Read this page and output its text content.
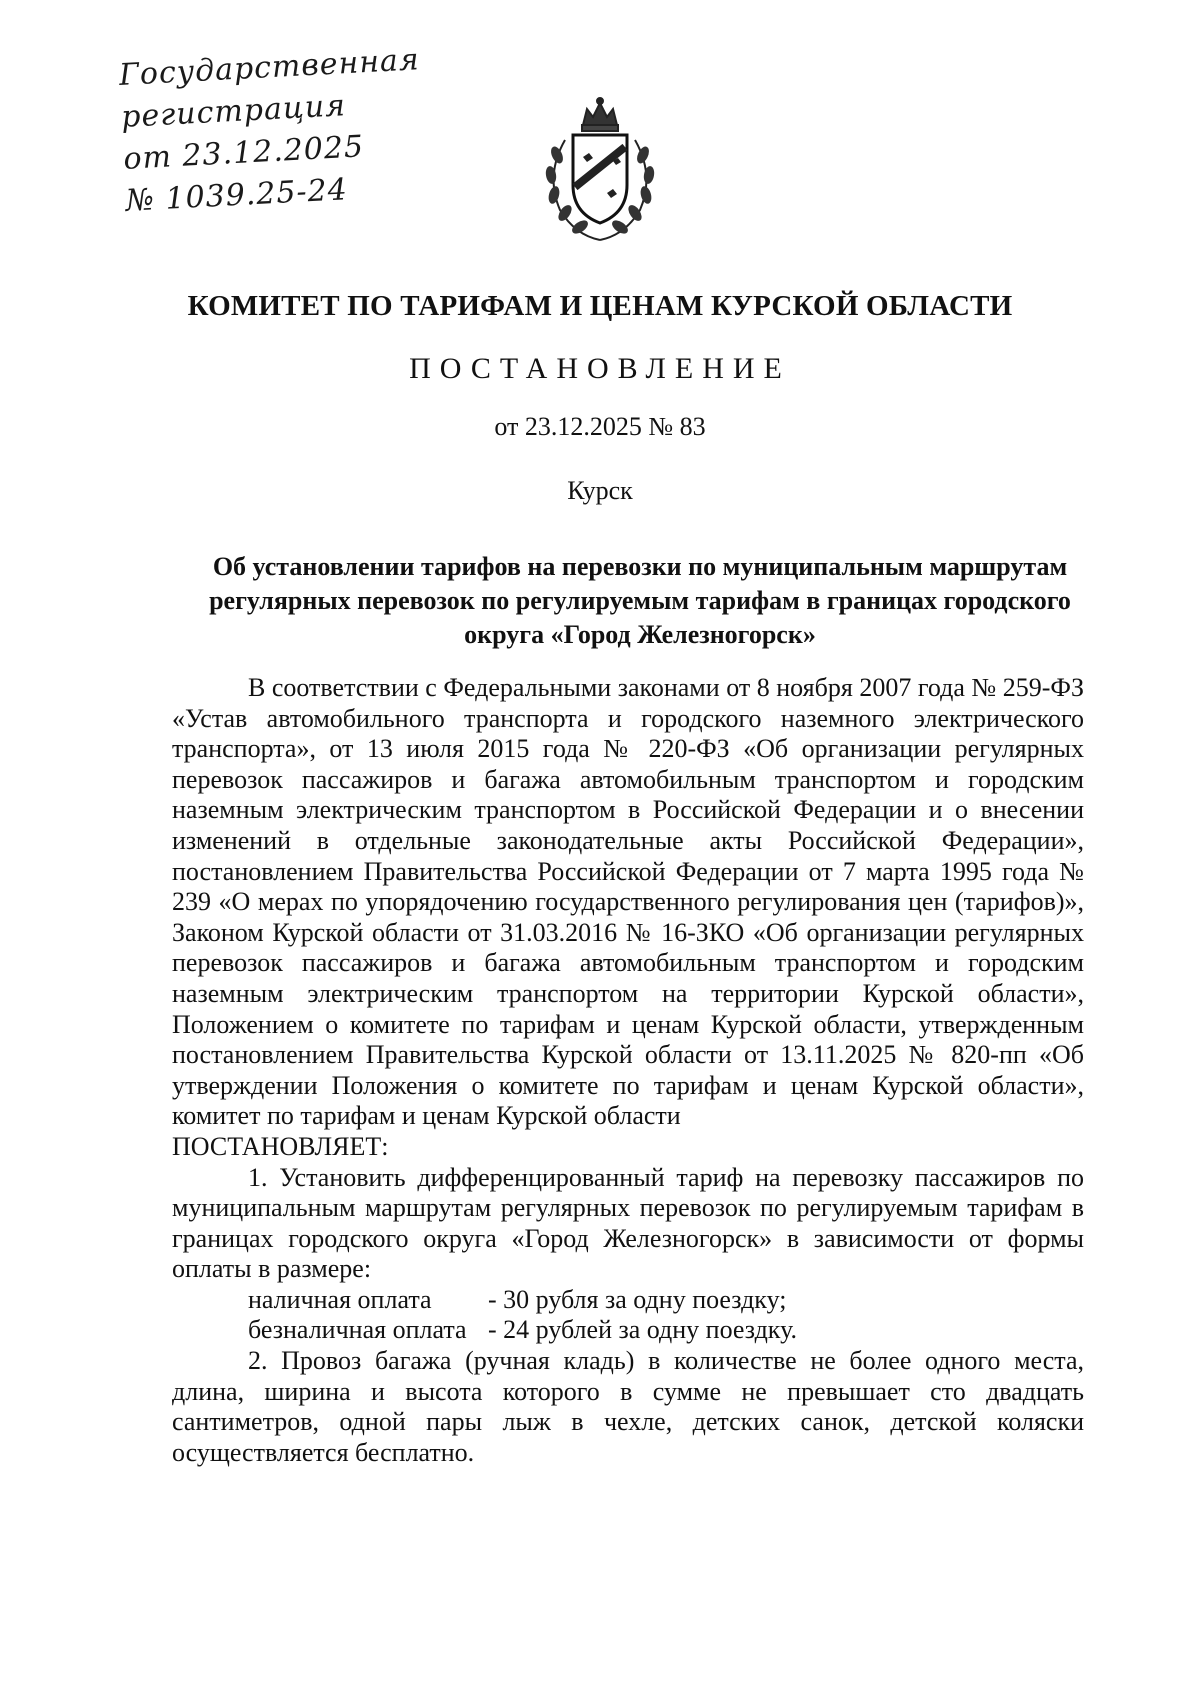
Государственная
регистрация
от 23.12.2025
№ 1039.25-24
КОМИТЕТ ПО ТАРИФАМ И ЦЕНАМ КУРСКОЙ ОБЛАСТИ
ПОСТАНОВЛЕНИЕ
от 23.12.2025 № 83
Курск
Об установлении тарифов на перевозки по муниципальным маршрутам регулярных перевозок по регулируемым тарифам в границах городского округа «Город Железногорск»

В соответствии с Федеральными законами от 8 ноября 2007 года № 259-ФЗ «Устав автомобильного транспорта и городского наземного электрического транспорта», от 13 июля 2015 года № 220-ФЗ «Об организации регулярных перевозок пассажиров и багажа автомобильным транспортом и городским наземным электрическим транспортом в Российской Федерации и о внесении изменений в отдельные законодательные акты Российской Федерации», постановлением Правительства Российской Федерации от 7 марта 1995 года № 239 «О мерах по упорядочению государственного регулирования цен (тарифов)», Законом Курской области от 31.03.2016 № 16-ЗКО «Об организации регулярных перевозок пассажиров и багажа автомобильным транспортом и городским наземным электрическим транспортом на территории Курской области», Положением о комитете по тарифам и ценам Курской области, утвержденным постановлением Правительства Курской области от 13.11.2025 № 820-пп «Об утверждении Положения о комитете по тарифам и ценам Курской области», комитет по тарифам и ценам Курской области

ПОСТАНОВЛЯЕТ:

1. Установить дифференцированный тариф на перевозку пассажиров по муниципальным маршрутам регулярных перевозок по регулируемым тарифам в границах городского округа «Город Железногорск» в зависимости от формы оплаты в размере:

наличная оплата	- 30 рубля за одну поездку;
безналичная оплата - 24 рублей за одну поездку.

2. Провоз багажа (ручная кладь) в количестве не более одного места, длина, ширина и высота которого в сумме не превышает сто двадцать сантиметров, одной пары лыж в чехле, детских санок, детской коляски осуществляется бесплатно.
